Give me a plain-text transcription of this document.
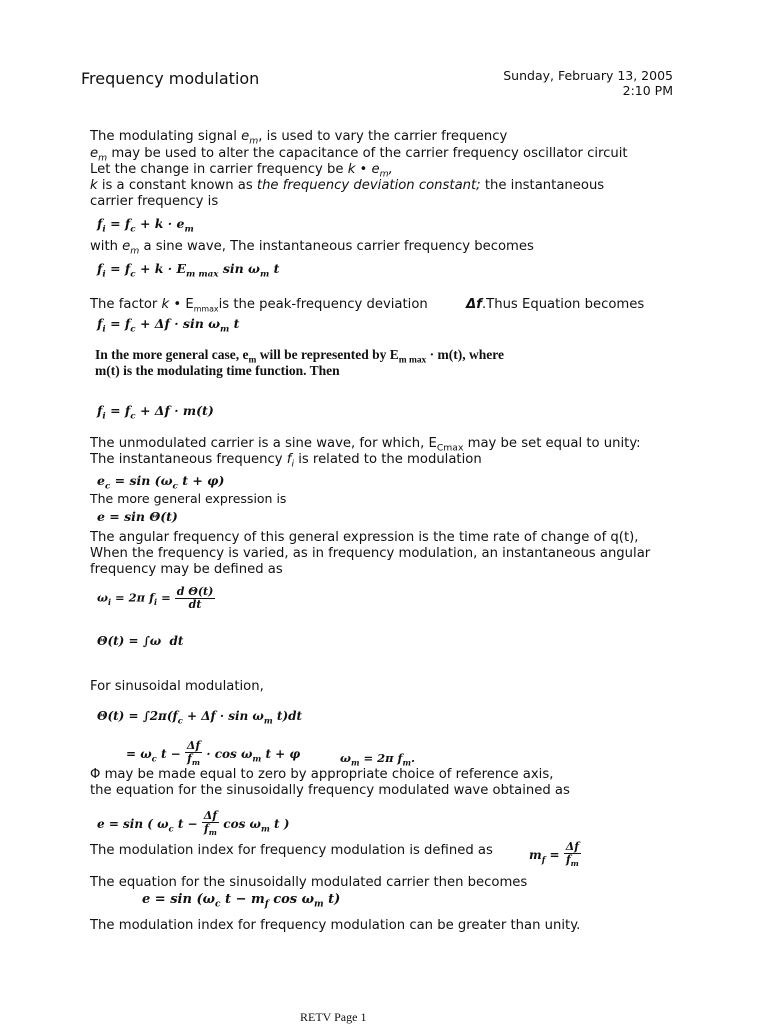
Frequency modulation	Sunday, February 13, 2005
2:10 PM
The modulating signal $e_m$, is used to vary the carrier frequency
$e_m$ may be used to alter the capacitance of the carrier frequency oscillator circuit
Let the change in carrier frequency be k • $e_m$,
k is a constant known as the frequency deviation constant; the instantaneous
carrier frequency is
$f_i = f_c + k \cdot e_m$
with $e_m$ a sine wave, The instantaneous carrier frequency becomes
$f_i = f_c + k \cdot E_{m max}$ $\sin \omega_m$ t
The factor k • $E_{mmax}is$ the peak-frequency deviation	Δf.Thus Equation becomes
$f_i = f_c + \Delta f \cdot \sin \omega_m$ t
In the more general case, $e_m$ will be represented by $E_{m max} \cdot m(t)$, where
m(t) is the modulating time function. Then
$f_i = f_c + \Delta f \cdot m(t)$
The unmodulated carrier is a sine wave, for which, $E_{Cmax}$ may be set equal to unity:
The instantaneous frequency $f_i$ is related to the modulation
$e_c = \sin (\omega_c$ t + φ)
The more general expression is
e = sin Θ(t)
The angular frequency of this general expression is the time rate of change of q(t),
When the frequency is varied, as in frequency modulation, an instantaneous angular
frequency may be defined as
$\omega_i = 2\pi$ $f_i = \frac{\text{d Θ(t)}}{dt}$
Θ(t) = ∫ω  dt
For sinusoidal modulation,
$\Theta(t) = \int 2\pi(f_c + \Delta f \cdot \sin \omega_m$ t)dt
= $\omega_c$ $t - \frac{\Delta f}{f_m} \cdot \cos \omega_m$ t + φ	$\omega_m = 2\pi$ $f_m$.
Φ may be made equal to zero by appropriate choice of reference axis,
the equation for the sinusoidally frequency modulated wave obtained as
e = sin ( $\omega_c$ $t - \frac{\Delta f}{f_m}$ $\cos \omega_m$ t )
The modulation index for frequency modulation is defined as	$m_f = \frac{\Delta f}{f_m}$
The equation for the sinusoidally modulated carrier then becomes
$e = \sin (\omega_c$ $t - m_f$ $\cos \omega_m$ t)
The modulation index for frequency modulation can be greater than unity.
RETV Page 1
